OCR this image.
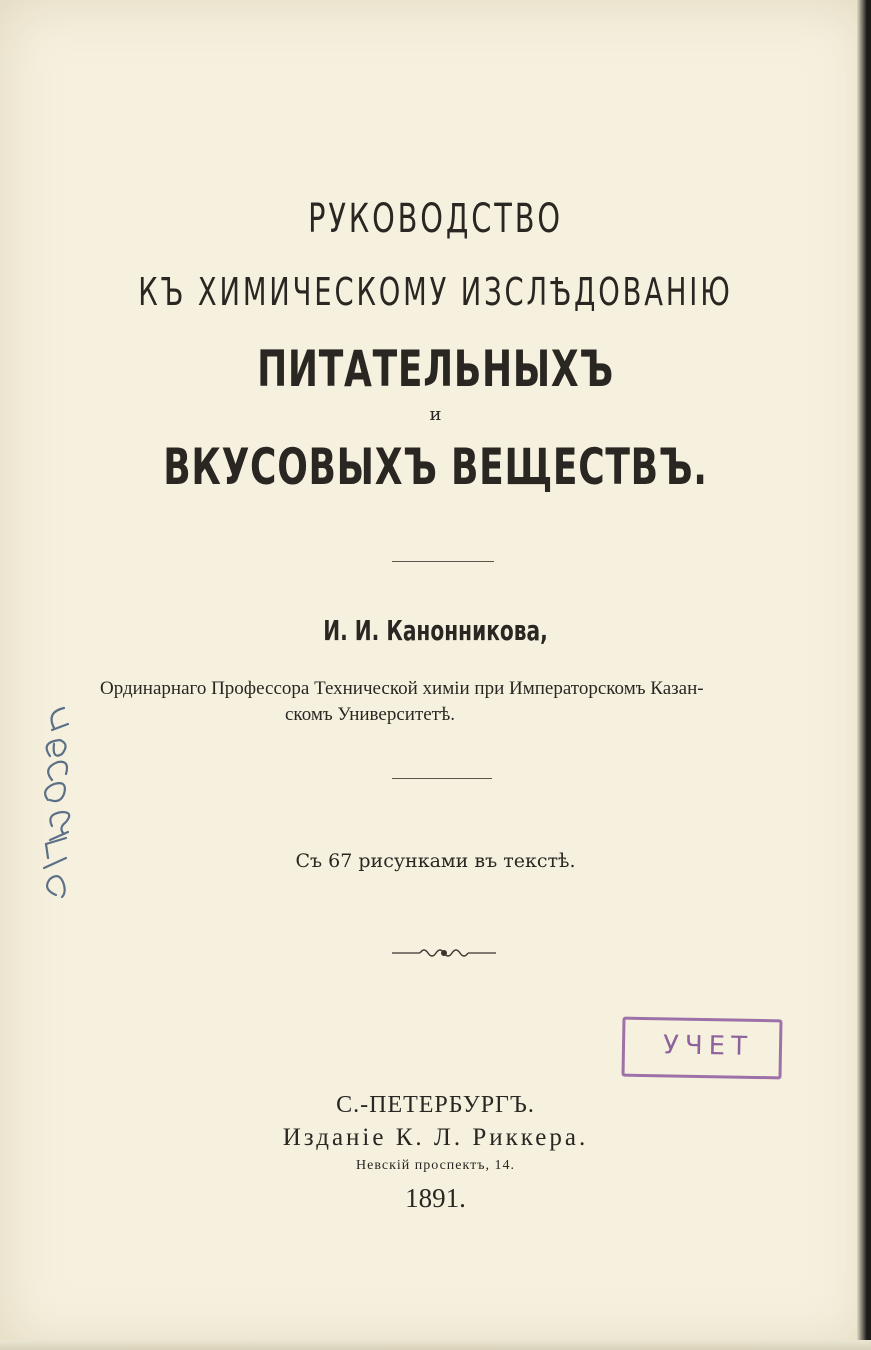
РУКОВОДСТВО
КЪ ХИМИЧЕСКОМУ ИЗСЛѢДОВАНІЮ
ПИТАТЕЛЬНЫХЪ
и
ВКУСОВЫХЪ ВЕЩЕСТВЪ.
И. И. Канонникова,
Ординарнаго Профессора Технической химіи при Императорскомъ Казан-
скомъ Университетѣ.
Съ 67 рисунками въ текстѣ.
УЧЕТ
С.-ПЕТЕРБУРГЪ.
Изданіе К. Л. Риккера.
Невскій проспектъ, 14.
1891.
